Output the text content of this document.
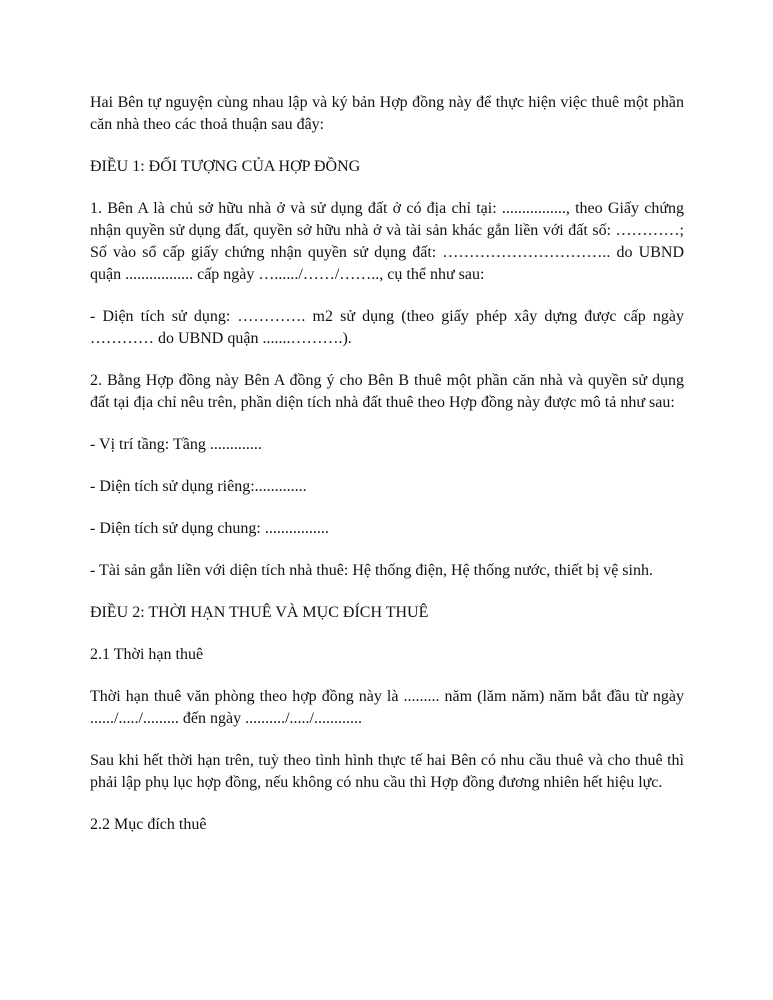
Hai Bên tự nguyện cùng nhau lập và ký bản Hợp đồng này để thực hiện việc thuê một phần căn nhà theo các thoả thuận sau đây:

ĐIỀU 1: ĐỐI TƯỢNG CỦA HỢP ĐỒNG

1. Bên A là chủ sở hữu nhà ở và sử dụng đất ở có địa chỉ tại: ................, theo Giấy chứng nhận quyền sử dụng đất, quyền sở hữu nhà ở và tài sản khác gắn liền với đất số: …………; Số vào sổ cấp giấy chứng nhận quyền sử dụng đất: ………………………….. do UBND quận ................. cấp ngày …....../……/…….., cụ thể như sau:

- Diện tích sử dụng: …………. m2 sử dụng (theo giấy phép xây dựng được cấp ngày ………… do UBND quận .......……….).

2. Bằng Hợp đồng này Bên A đồng ý cho Bên B thuê một phần căn nhà và quyền sử dụng đất tại địa chỉ nêu trên, phần diện tích nhà đất thuê theo Hợp đồng này được mô tả như sau:

- Vị trí tầng: Tầng .............

- Diện tích sử dụng riêng:.............

- Diện tích sử dụng chung: ................

- Tài sản gắn liền với diện tích nhà thuê: Hệ thống điện, Hệ thống nước, thiết bị vệ sinh.

ĐIỀU 2: THỜI HẠN THUÊ VÀ MỤC ĐÍCH THUÊ

2.1 Thời hạn thuê

Thời hạn thuê văn phòng theo hợp đồng này là ......... năm (lăm năm) năm bắt đầu từ ngày ....../...../......... đến ngày ........../...../............

Sau khi hết thời hạn trên, tuỳ theo tình hình thực tế hai Bên có nhu cầu thuê và cho thuê thì phải lập phụ lục hợp đồng, nếu không có nhu cầu thì Hợp đồng đương nhiên hết hiệu lực.

2.2 Mục đích thuê
